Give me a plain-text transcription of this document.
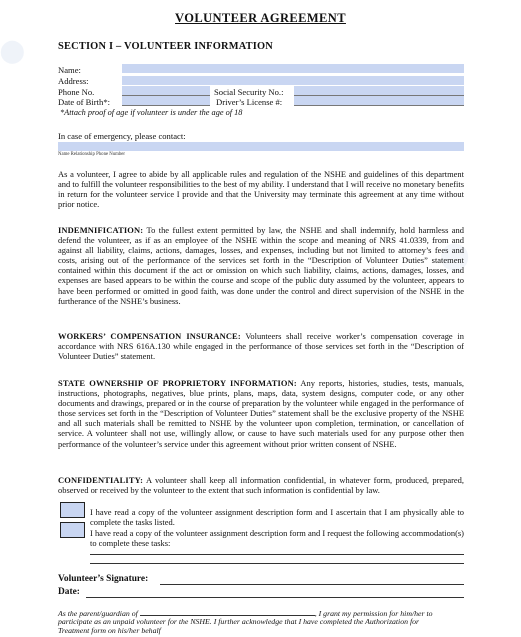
⬤
⬤
VOLUNTEER AGREEMENT
SECTION I – VOLUNTEER INFORMATION
Name:
Address:
Phone No.	Social Security No.:
Date of Birth*:	Driver’s License #:
*Attach proof of age if volunteer is under the age of 18
In case of emergency, please contact:
Name Relationship Phone Number
As a volunteer, I agree to abide by all applicable rules and regulation of the NSHE and guidelines of this department and to fulfill the volunteer responsibilities to the best of my ability. I understand that I will receive no monetary benefits in return for the volunteer service I provide and that the University may terminate this agreement at any time without prior notice.
INDEMNIFICATION: To the fullest extent permitted by law, the NSHE and shall indemnify, hold harmless and defend the volunteer, as if as an employee of the NSHE within the scope and meaning of NRS 41.0339, from and against all liability, claims, actions, damages, losses, and expenses, including but not limited to attorney’s fees and costs, arising out of the performance of the services set forth in the “Description of Volunteer Duties” statement contained within this document if the act or omission on which such liability, claims, actions, damages, losses, and expenses are based appears to be within the course and scope of the public duty assumed by the volunteer, appears to have been performed or omitted in good faith, was done under the control and direct supervision of the NSHE in the furtherance of the NSHE’s business.
WORKERS’ COMPENSATION INSURANCE: Volunteers shall receive worker’s compensation coverage in accordance with NRS 616A.130 while engaged in the performance of those services set forth in the “Description of Volunteer Duties” statement.
STATE OWNERSHIP OF PROPRIETORY INFORMATION: Any reports, histories, studies, tests, manuals, instructions, photographs, negatives, blue prints, plans, maps, data, system designs, computer code, or any other documents and drawings, prepared or in the course of preparation by the volunteer while engaged in the performance of those services set forth in the “Description of Volunteer Duties” statement shall be the exclusive property of the NSHE and all such materials shall be remitted to NSHE by the volunteer upon completion, termination, or cancellation of service. A volunteer shall not use, willingly allow, or cause to have such materials used for any purpose other then performance of the volunteer’s service under this agreement without prior written consent of NSHE.
CONFIDENTIALITY: A volunteer shall keep all information confidential, in whatever form, produced, prepared, observed or received by the volunteer to the extent that such information is confidential by law.
I have read a copy of the volunteer assignment description form and I ascertain that I am physically able to complete the tasks listed.
I have read a copy of the volunteer assignment description form and I request the following accommodation(s) to complete these tasks:
Volunteer’s Signature:
Date:
As the parent/guardian of	, I grant my permission for him/her to
participate as an unpaid volunteer for the NSHE. I further acknowledge that I have completed the Authorization for
Treatment form on his/her behalf
